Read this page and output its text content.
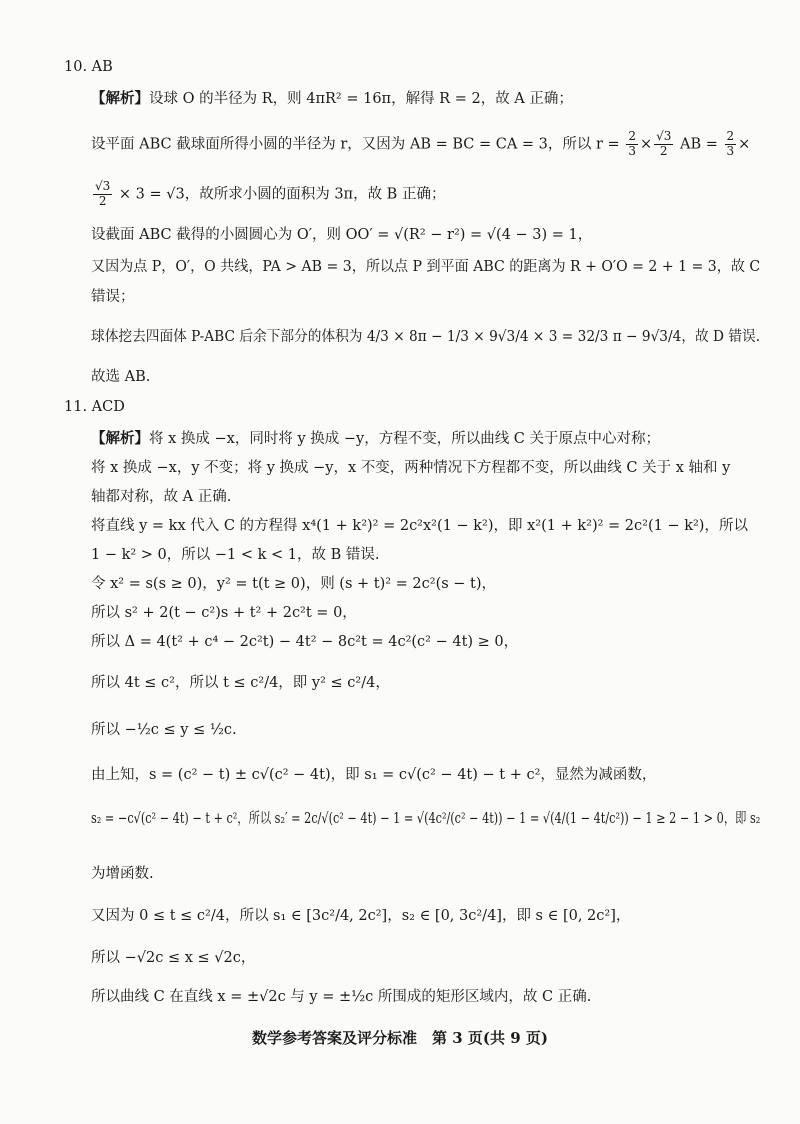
10. AB
【解析】设球 O 的半径为 R，则 4πR² = 16π，解得 R = 2，故 A 正确；
设平面 ABC 截球面所得小圆的半径为 r，又因为 AB = BC = CA = 3，所以 $r = \frac{2}{3} \times \frac{√3}{2}$ AB = $\frac{2}{3}$ ×
$\frac{√3}{2} \times 3 = √3$，故所求小圆的面积为 3π，故 B 正确；
设截面 ABC 截得的小圆圆心为 O′，则 OO′ = √(R² − r²) = √(4 − 3) = 1，
又因为点 P，O′，O 共线，PA > AB = 3，所以点 P 到平面 ABC 的距离为 R + O′O = 2 + 1 = 3，故 C
错误；
球体挖去四面体 P-ABC 后余下部分的体积为 4/3 × 8π − 1/3 × 9√3/4 × 3 = 32/3 π − 9√3/4，故 D 错误.
故选 AB.
11. ACD
【解析】将 x 换成 −x，同时将 y 换成 −y，方程不变，所以曲线 C 关于原点中心对称；
将 x 换成 −x，y 不变；将 y 换成 −y，x 不变，两种情况下方程都不变，所以曲线 C 关于 x 轴和 y
轴都对称，故 A 正确.
将直线 y = kx 代入 C 的方程得 x⁴(1 + k²)² = 2c²x²(1 − k²)，即 x²(1 + k²)² = 2c²(1 − k²)，所以
1 − k² > 0，所以 −1 < k < 1，故 B 错误.
令 x² = s(s ≥ 0)，y² = t(t ≥ 0)，则 (s + t)² = 2c²(s − t)，
所以 s² + 2(t − c²)s + t² + 2c²t = 0，
所以 Δ = 4(t² + c⁴ − 2c²t) − 4t² − 8c²t = 4c²(c² − 4t) ≥ 0，
所以 4t ≤ c²，所以 t ≤ c²/4，即 y² ≤ c²/4，
所以 −½c ≤ y ≤ ½c.
由上知，s = (c² − t) ± c√(c² − 4t)，即 s₁ = c√(c² − 4t) − t + c²，显然为减函数，
s₂ = −c√(c² − 4t) − t + c²，所以 s₂′ = 2c/√(c² − 4t) − 1 = √(4c²/(c² − 4t)) − 1 = √(4/(1 − 4t/c²)) − 1 ≥ 2 − 1 > 0，即 s₂
为增函数.
又因为 0 ≤ t ≤ c²/4，所以 s₁ ∈ [3c²/4, 2c²]，s₂ ∈ [0, 3c²/4]，即 s ∈ [0, 2c²]，
所以 −√2c ≤ x ≤ √2c，
所以曲线 C 在直线 x = ±√2c 与 y = ±½c 所围成的矩形区域内，故 C 正确.
数学参考答案及评分标准　第 3 页(共 9 页)
